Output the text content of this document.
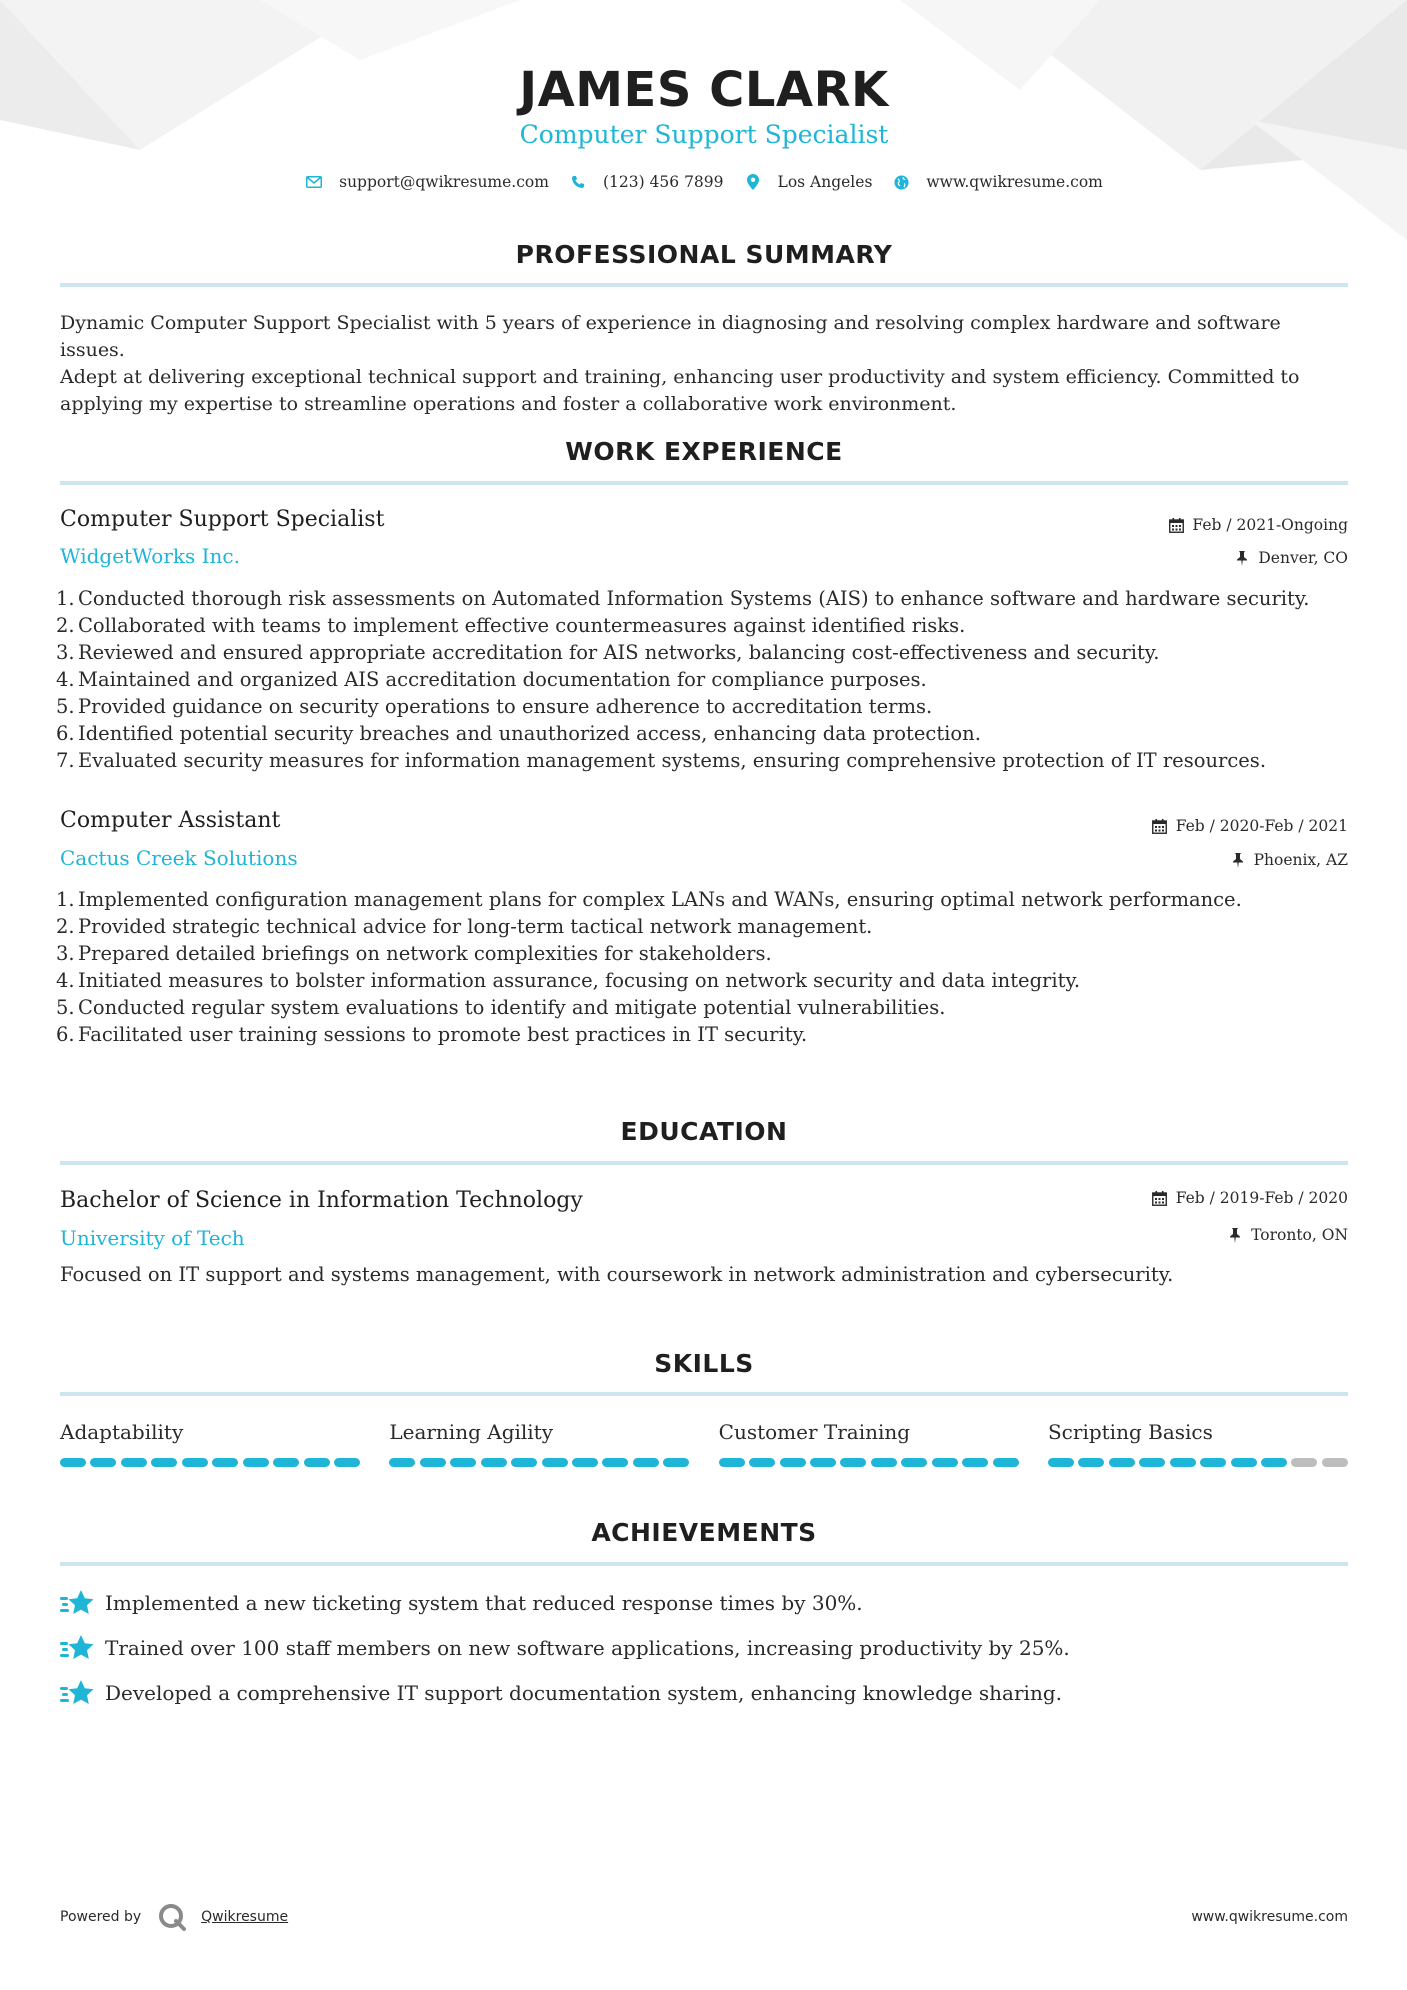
JAMES CLARK
Computer Support Specialist
support@qwikresume.com	(123) 456 7899	Los Angeles	www.qwikresume.com
PROFESSIONAL SUMMARY
Dynamic Computer Support Specialist with 5 years of experience in diagnosing and resolving complex hardware and software issues.
Adept at delivering exceptional technical support and training, enhancing user productivity and system efficiency. Committed to
applying my expertise to streamline operations and foster a collaborative work environment.
WORK EXPERIENCE
Computer Support Specialist	Feb / 2021-Ongoing
WidgetWorks Inc.	Denver, CO
1. Conducted thorough risk assessments on Automated Information Systems (AIS) to enhance software and hardware security.
2. Collaborated with teams to implement effective countermeasures against identified risks.
3. Reviewed and ensured appropriate accreditation for AIS networks, balancing cost-effectiveness and security.
4. Maintained and organized AIS accreditation documentation for compliance purposes.
5. Provided guidance on security operations to ensure adherence to accreditation terms.
6. Identified potential security breaches and unauthorized access, enhancing data protection.
7. Evaluated security measures for information management systems, ensuring comprehensive protection of IT resources.
Computer Assistant	Feb / 2020-Feb / 2021
Cactus Creek Solutions	Phoenix, AZ
1. Implemented configuration management plans for complex LANs and WANs, ensuring optimal network performance.
2. Provided strategic technical advice for long-term tactical network management.
3. Prepared detailed briefings on network complexities for stakeholders.
4. Initiated measures to bolster information assurance, focusing on network security and data integrity.
5. Conducted regular system evaluations to identify and mitigate potential vulnerabilities.
6. Facilitated user training sessions to promote best practices in IT security.
EDUCATION
Bachelor of Science in Information Technology	Feb / 2019-Feb / 2020
University of Tech	Toronto, ON
Focused on IT support and systems management, with coursework in network administration and cybersecurity.
SKILLS
Adaptability	Learning Agility	Customer Training	Scripting Basics
ACHIEVEMENTS
Implemented a new ticketing system that reduced response times by 30%.
Trained over 100 staff members on new software applications, increasing productivity by 25%.
Developed a comprehensive IT support documentation system, enhancing knowledge sharing.
Powered by	Qwikresume	www.qwikresume.com
